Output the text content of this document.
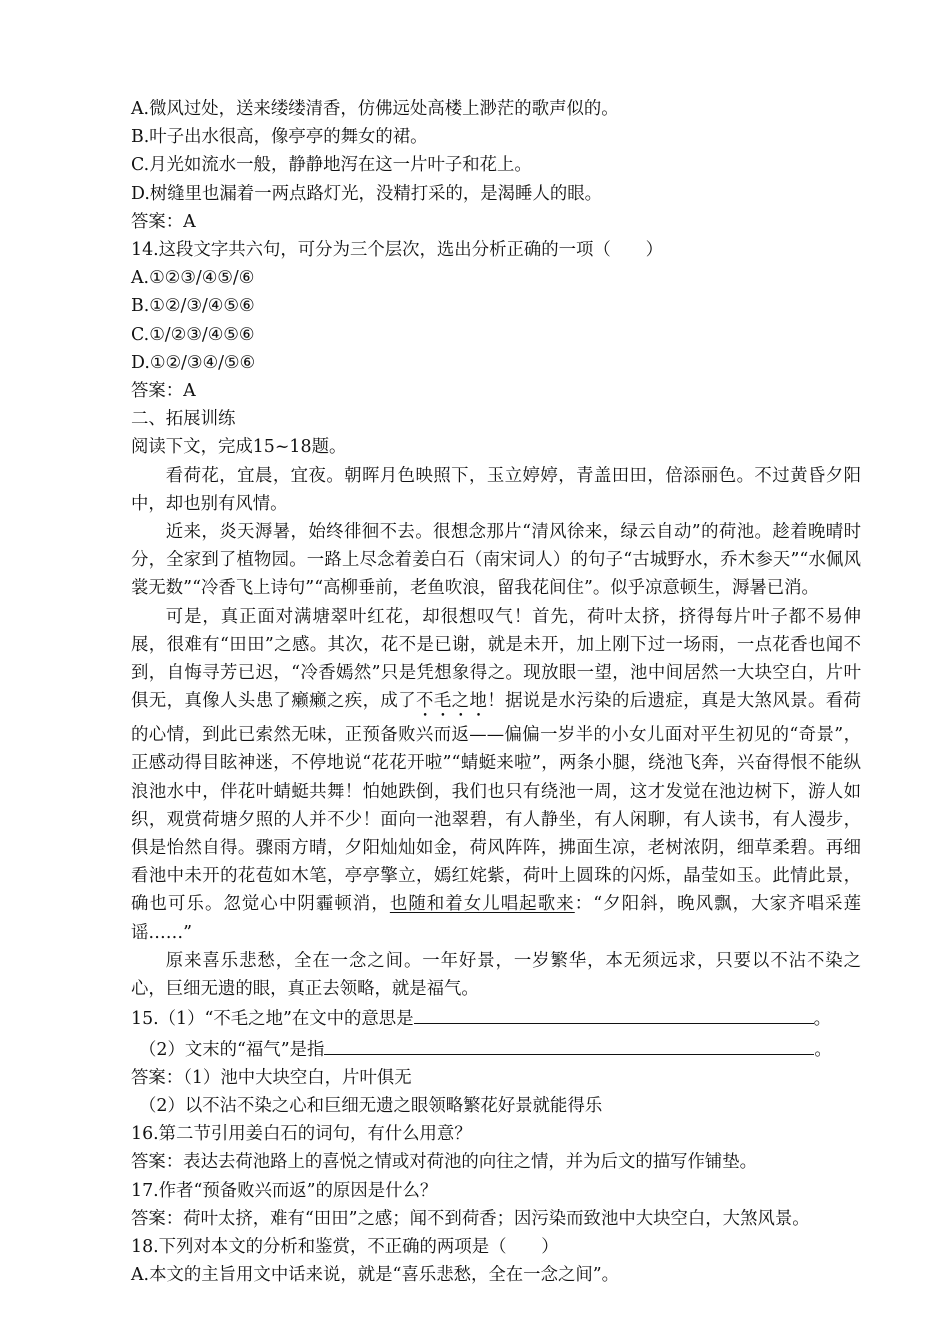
A.微风过处，送来缕缕清香，仿佛远处高楼上渺茫的歌声似的。
B.叶子出水很高，像亭亭的舞女的裙。
C.月光如流水一般，静静地泻在这一片叶子和花上。
D.树缝里也漏着一两点路灯光，没精打采的，是渴睡人的眼。
答案：A
14.这段文字共六句，可分为三个层次，选出分析正确的一项（　　）
A.①②③/④⑤/⑥
B.①②/③/④⑤⑥
C.①/②③/④⑤⑥
D.①②/③④/⑤⑥
答案：A
二、拓展训练
阅读下文，完成15~18题。
看荷花，宜晨，宜夜。朝晖月色映照下，玉立婷婷，青盖田田，倍添丽色。不过黄昏夕阳中，却也别有风情。
近来，炎天溽暑，始终徘徊不去。很想念那片“清风徐来，绿云自动”的荷池。趁着晚晴时分，全家到了植物园。一路上尽念着姜白石（南宋词人）的句子“古城野水，乔木参天”“水佩风裳无数”“冷香飞上诗句”“高柳垂前，老鱼吹浪，留我花间住”。似乎凉意顿生，溽暑已消。
可是，真正面对满塘翠叶红花，却很想叹气！首先，荷叶太挤，挤得每片叶子都不易伸展，很难有“田田”之感。其次，花不是已谢，就是未开，加上刚下过一场雨，一点花香也闻不到，自悔寻芳已迟，“冷香嫣然”只是凭想象得之。现放眼一望，池中间居然一大块空白，片叶俱无，真像人头患了癞癞之疾，成了不毛之地！据说是水污染的后遗症，真是大煞风景。看荷的心情，到此已索然无味，正预备败兴而返——偏偏一岁半的小女儿面对平生初见的“奇景”，正感动得目眩神迷，不停地说“花花开啦”“蜻蜓来啦”，两条小腿，绕池飞奔，兴奋得恨不能纵浪池水中，伴花叶蜻蜓共舞！怕她跌倒，我们也只有绕池一周，这才发觉在池边树下，游人如织，观赏荷塘夕照的人并不少！面向一池翠碧，有人静坐，有人闲聊，有人读书，有人漫步，俱是怡然自得。骤雨方晴，夕阳灿灿如金，荷风阵阵，拂面生凉，老树浓阴，细草柔碧。再细看池中未开的花苞如木笔，亭亭擎立，嫣红姹紫，荷叶上圆珠的闪烁，晶莹如玉。此情此景，确也可乐。忽觉心中阴霾顿消，也随和着女儿唱起歌来：“夕阳斜，晚风飘，大家齐唱采莲谣……”
原来喜乐悲愁，全在一念之间。一年好景，一岁繁华，本无须远求，只要以不沾不染之心，巨细无遗的眼，真正去领略，就是福气。
15.（1）“不毛之地”在文中的意思是	。
（2）文末的“福气”是指	。
答案：（1）池中大块空白，片叶俱无
（2）以不沾不染之心和巨细无遗之眼领略繁花好景就能得乐
16.第二节引用姜白石的词句，有什么用意？
答案：表达去荷池路上的喜悦之情或对荷池的向往之情，并为后文的描写作铺垫。
17.作者“预备败兴而返”的原因是什么？
答案：荷叶太挤，难有“田田”之感；闻不到荷香；因污染而致池中大块空白，大煞风景。
18.下列对本文的分析和鉴赏，不正确的两项是（　　）
A.本文的主旨用文中话来说，就是“喜乐悲愁，全在一念之间”。
